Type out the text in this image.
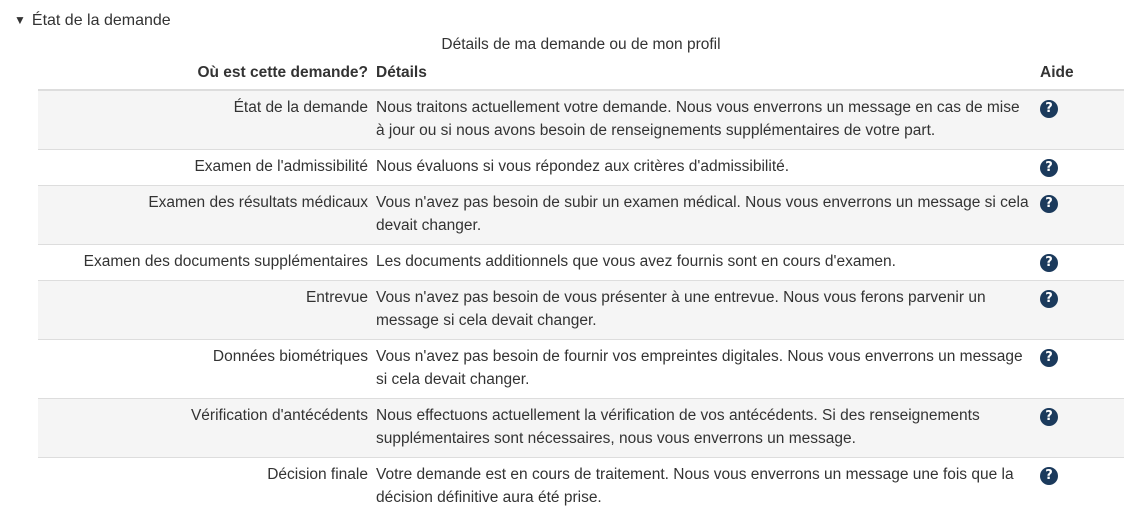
▼ État de la demande
Détails de ma demande ou de mon profil
Où est cette demande?	Détails	Aide
État de la demande	Nous traitons actuellement votre demande. Nous vous enverrons un message en cas de mise à jour ou si nous avons besoin de renseignements supplémentaires de votre part.	?
Examen de l'admissibilité	Nous évaluons si vous répondez aux critères d'admissibilité.	?
Examen des résultats médicaux	Vous n'avez pas besoin de subir un examen médical. Nous vous enverrons un message si cela devait changer.	?
Examen des documents supplémentaires	Les documents additionnels que vous avez fournis sont en cours d'examen.	?
Entrevue	Vous n'avez pas besoin de vous présenter à une entrevue. Nous vous ferons parvenir un message si cela devait changer.	?
Données biométriques	Vous n'avez pas besoin de fournir vos empreintes digitales. Nous vous enverrons un message si cela devait changer.	?
Vérification d'antécédents	Nous effectuons actuellement la vérification de vos antécédents. Si des renseignements supplémentaires sont nécessaires, nous vous enverrons un message.	?
Décision finale	Votre demande est en cours de traitement. Nous vous enverrons un message une fois que la décision définitive aura été prise.	?
